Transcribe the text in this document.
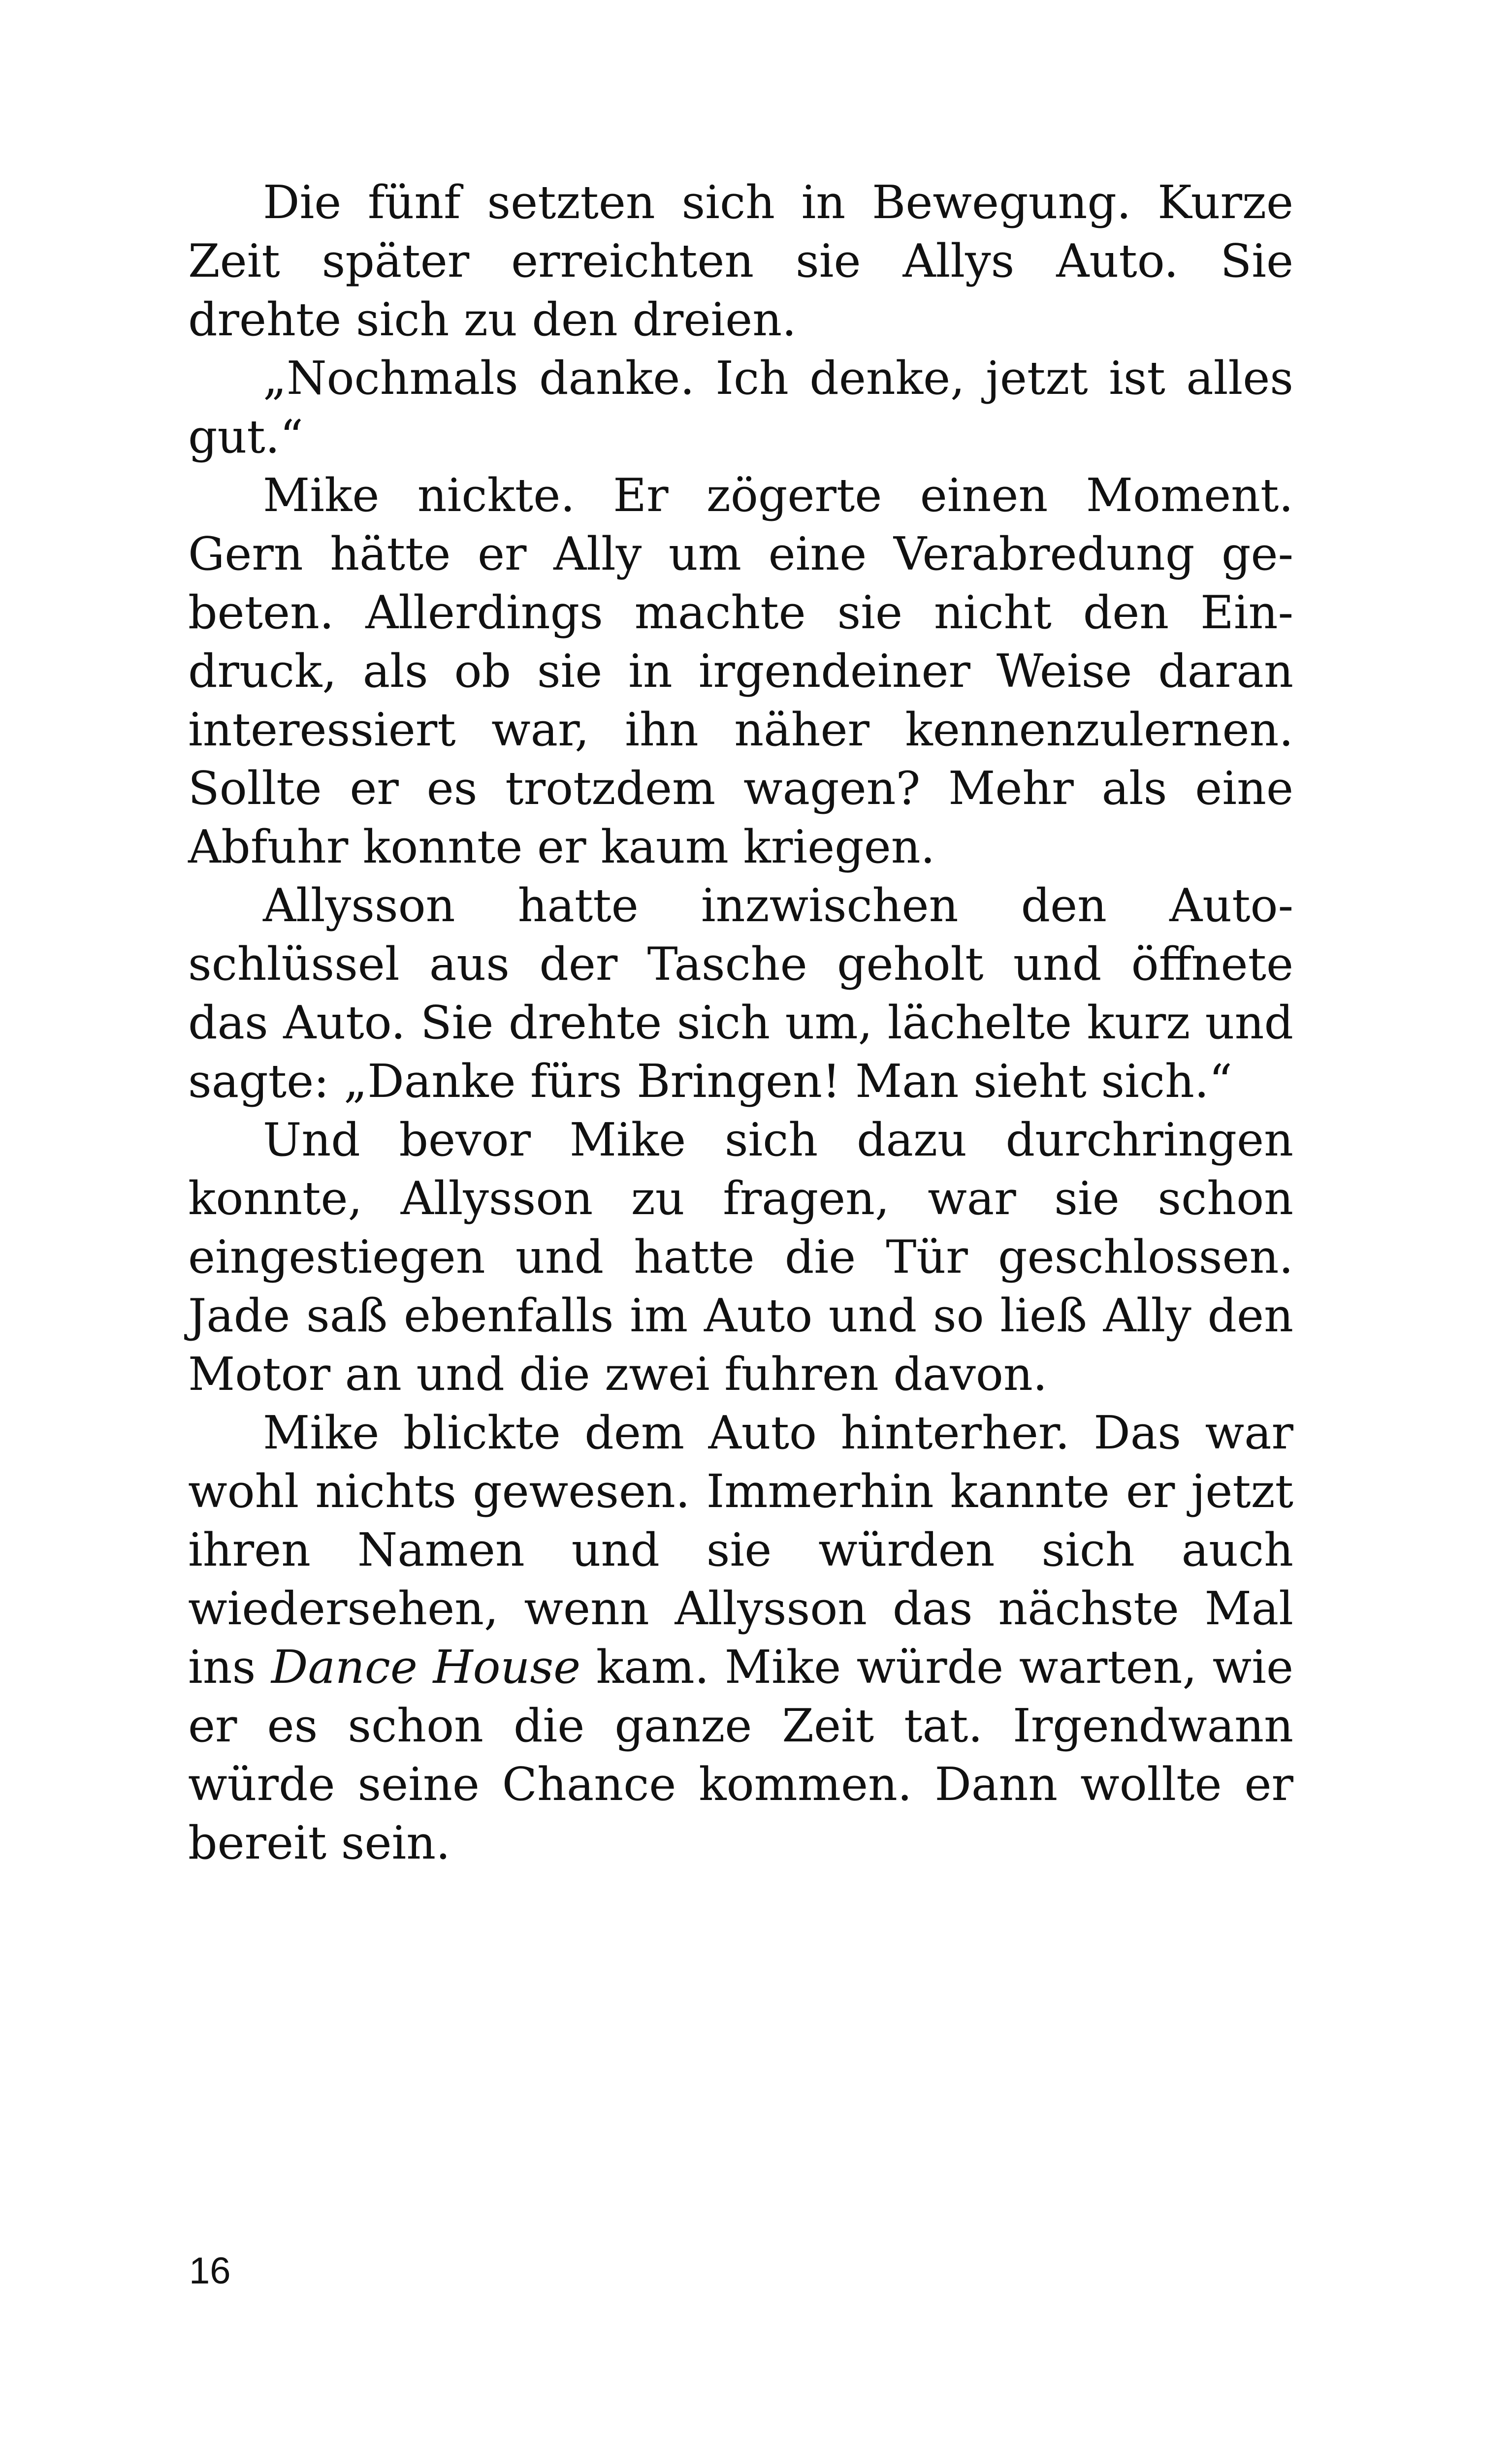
Die fünf setzten sich in Bewegung. Kurze Zeit später erreichten sie Allys Auto. Sie drehte sich zu den dreien.

„Nochmals danke. Ich denke, jetzt ist alles gut.“

Mike nickte. Er zögerte einen Moment. Gern hätte er Ally um eine Verabredung gebeten. Allerdings machte sie nicht den Eindruck, als ob sie in irgendeiner Weise daran interessiert war, ihn näher kennenzulernen. Sollte er es trotzdem wagen? Mehr als eine Abfuhr konnte er kaum kriegen.

Allysson hatte inzwischen den Autoschlüssel aus der Tasche geholt und öffnete das Auto. Sie drehte sich um, lächelte kurz und sagte: „Danke fürs Bringen! Man sieht sich.“

Und bevor Mike sich dazu durchringen konnte, Allysson zu fragen, war sie schon eingestiegen und hatte die Tür geschlossen. Jade saß ebenfalls im Auto und so ließ Ally den Motor an und die zwei fuhren davon.

Mike blickte dem Auto hinterher. Das war wohl nichts gewesen. Immerhin kannte er jetzt ihren Namen und sie würden sich auch wiedersehen, wenn Allysson das nächste Mal ins Dance House kam. Mike würde warten, wie er es schon die ganze Zeit tat. Irgendwann würde seine Chance kommen. Dann wollte er bereit sein.

16
